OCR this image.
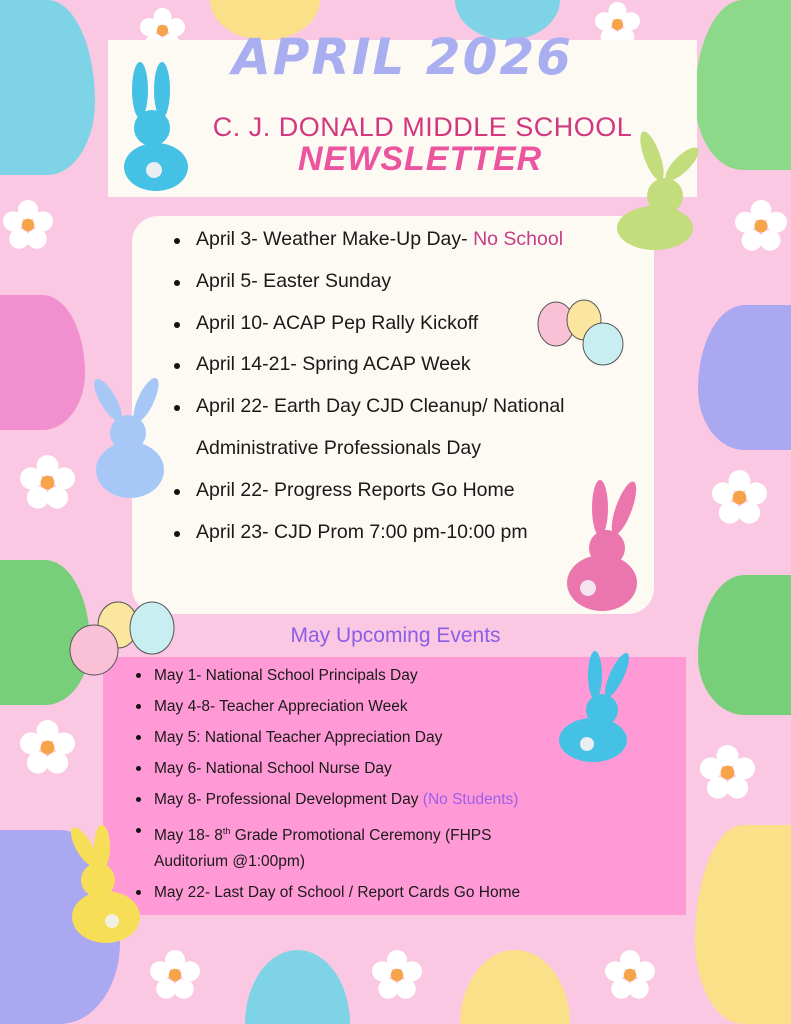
APRIL 2026
C. J. DONALD MIDDLE SCHOOL
NEWSLETTER
April 3- Weather Make-Up Day- No School
April 5- Easter Sunday
April 10- ACAP Pep Rally Kickoff
April 14-21- Spring ACAP Week
April 22- Earth Day CJD Cleanup/ National
Administrative Professionals Day
April 22- Progress Reports Go Home
April 23- CJD Prom 7:00 pm-10:00 pm
May Upcoming Events
May 1- National School Principals Day
May 4-8- Teacher Appreciation Week
May 5: National Teacher Appreciation Day
May 6- National School Nurse Day
May 8- Professional Development Day (No Students)
May 18- 8th Grade Promotional Ceremony (FHPS
Auditorium @1:00pm)
May 22- Last Day of School / Report Cards Go Home
